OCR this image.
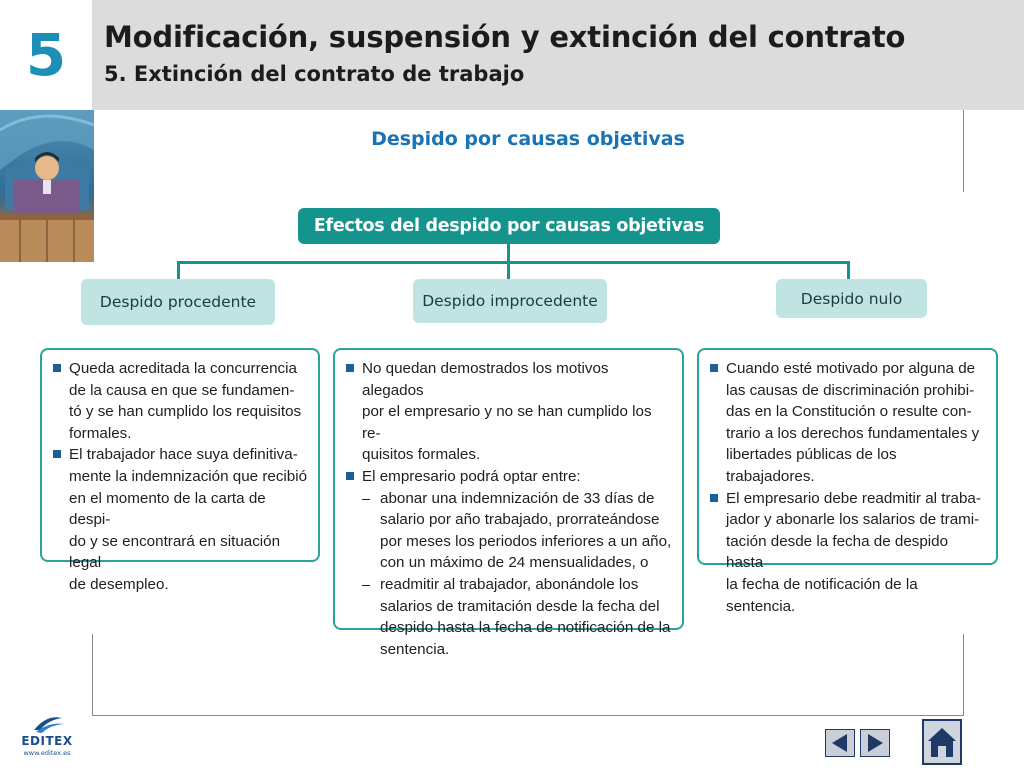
5	Modificación, suspensión y extinción del contrato
5. Extinción del contrato de trabajo
Despido por causas objetivas
Efectos del despido por causas objetivas
Despido procedente	Despido improcedente	Despido nulo
Queda acreditada la concurrencia
de la causa en que se fundamen-
tó y se han cumplido los requisitos
formales.
El trabajador hace suya definitiva-
mente la indemnización que recibió
en el momento de la carta de despi-
do y se encontrará en situación legal
de desempleo.
No quedan demostrados los motivos alegados
por el empresario y no se han cumplido los re-
quisitos formales.
El empresario podrá optar entre:
abonar una indemnización de 33 días de
salario por año trabajado, prorrateándose
por meses los periodos inferiores a un año,
con un máximo de 24 mensualidades, o
readmitir al trabajador, abonándole los
salarios de tramitación desde la fecha del
despido hasta la fecha de notificación de la
sentencia.
Cuando esté motivado por alguna de
las causas de discriminación prohibi-
das en la Constitución o resulte con-
trario a los derechos fundamentales y
libertades públicas de los trabajadores.
El empresario debe readmitir al traba-
jador y abonarle los salarios de trami-
tación desde la fecha de despido hasta
la fecha de notificación de la sentencia.
EDITEX
www.editex.es
